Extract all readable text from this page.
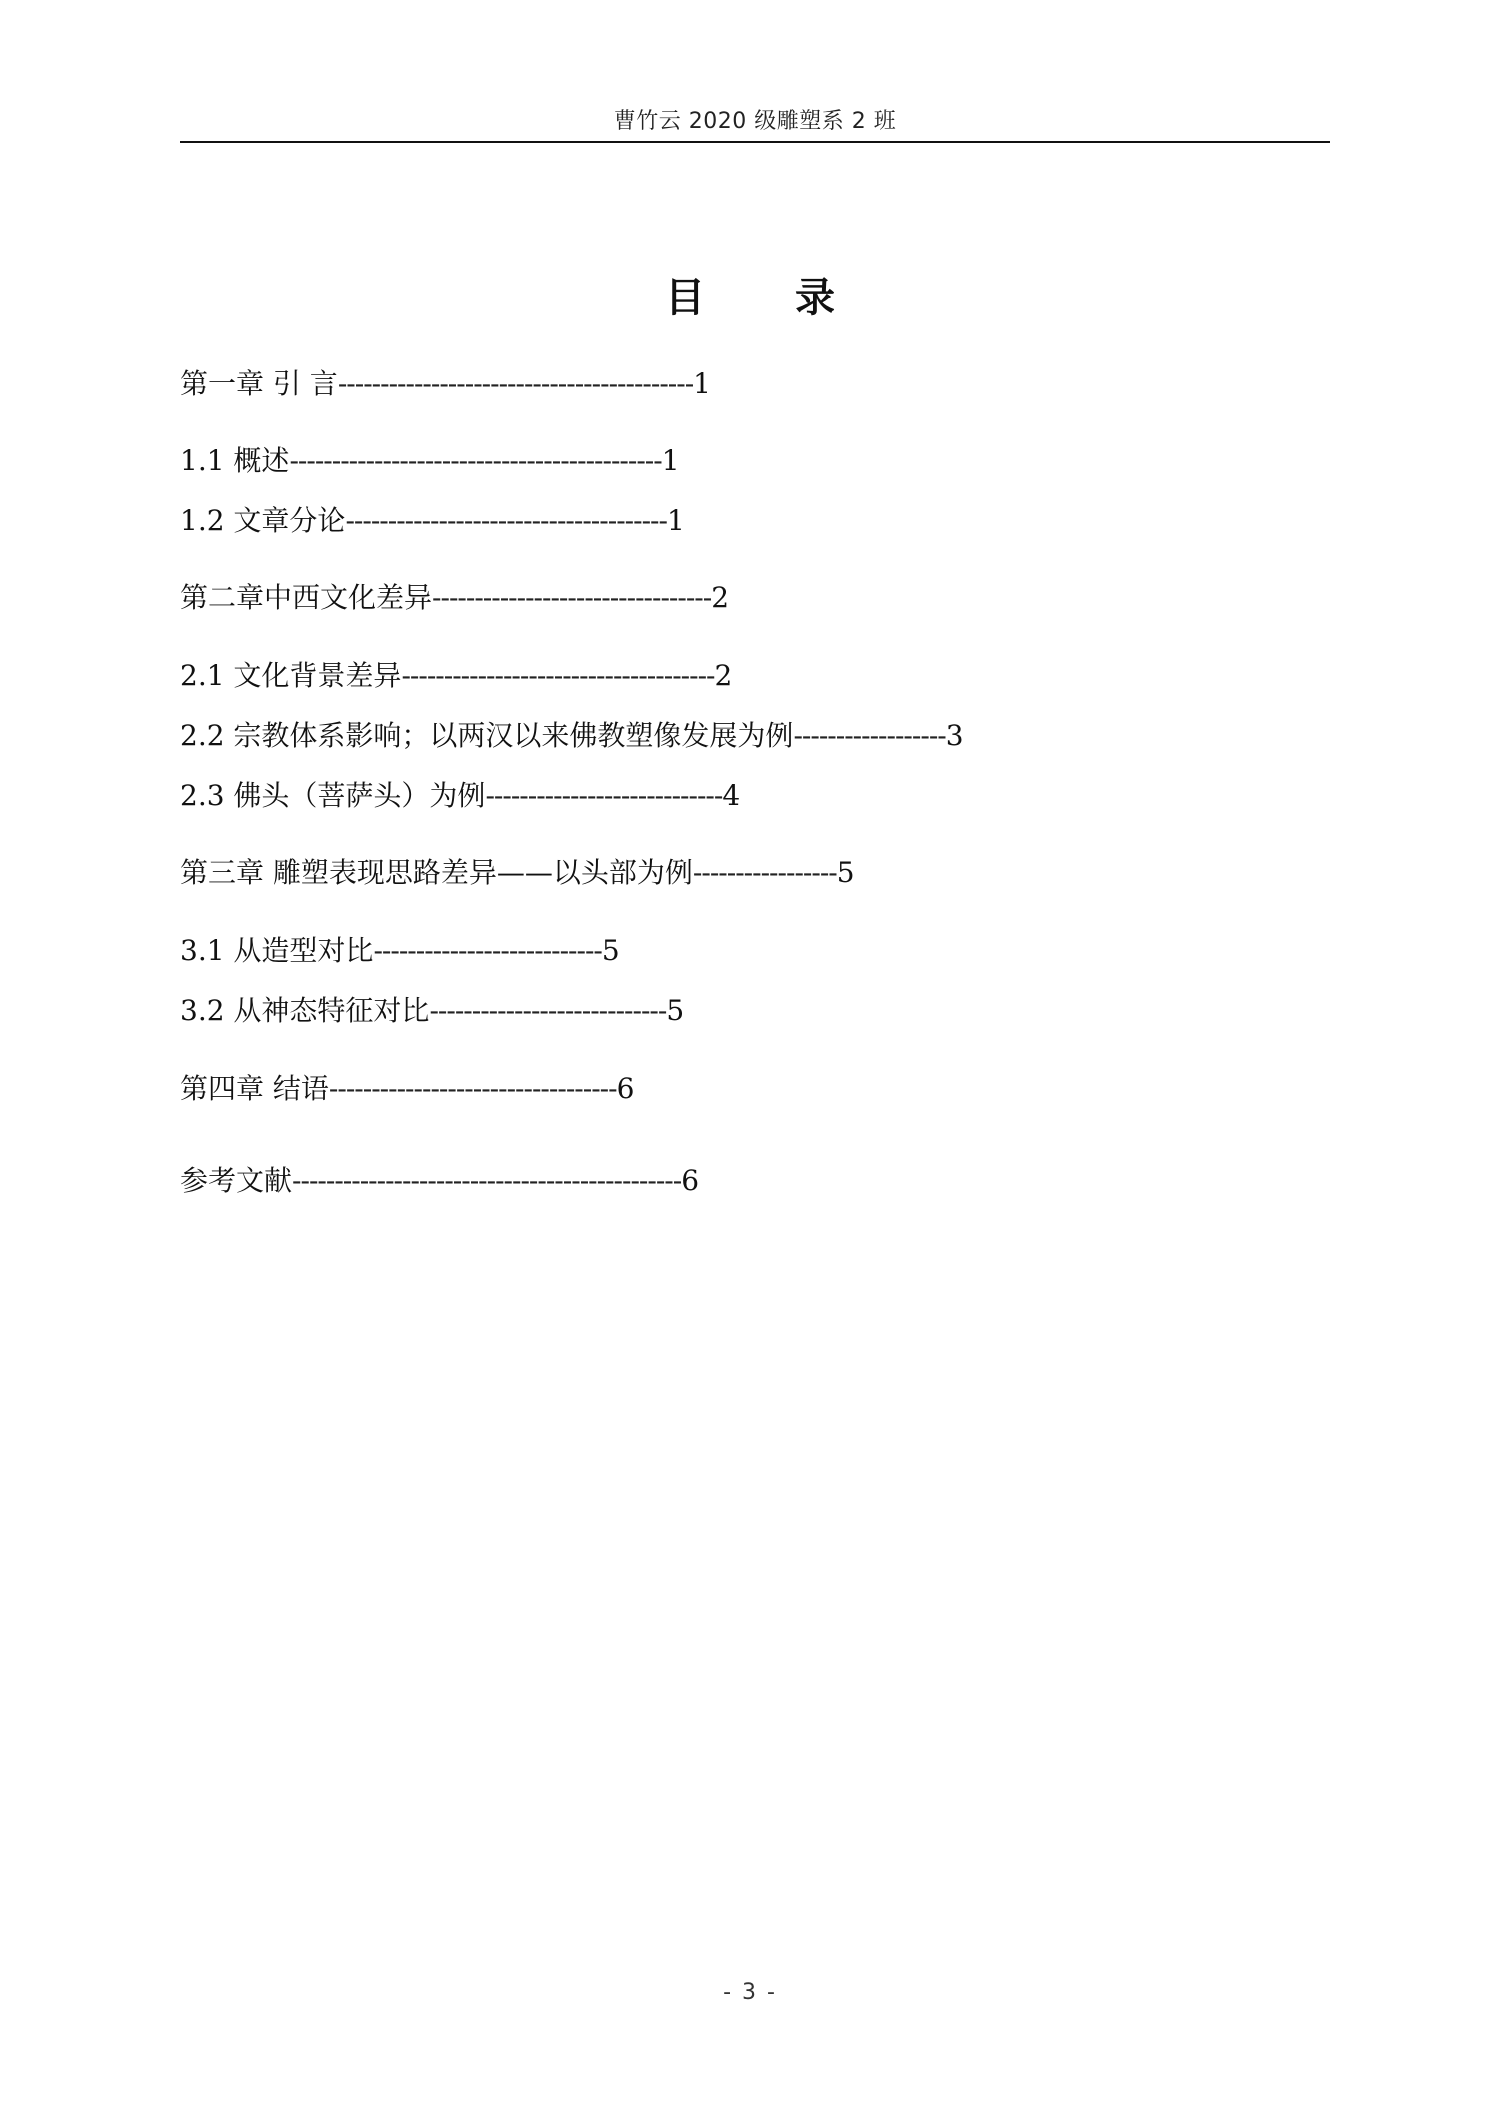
曹竹云 2020 级雕塑系 2 班
目 录
第一章 引 言------------------------------------------1
1.1 概述--------------------------------------------1
1.2 文章分论--------------------------------------1
第二章中西文化差异---------------------------------2
2.1 文化背景差异-------------------------------------2
2.2 宗教体系影响；以两汉以来佛教塑像发展为例------------------3
2.3 佛头（菩萨头）为例----------------------------4
第三章 雕塑表现思路差异——以头部为例-----------------5
3.1 从造型对比---------------------------5
3.2 从神态特征对比----------------------------5
第四章 结语----------------------------------6
参考文献----------------------------------------------6
- 3 -
